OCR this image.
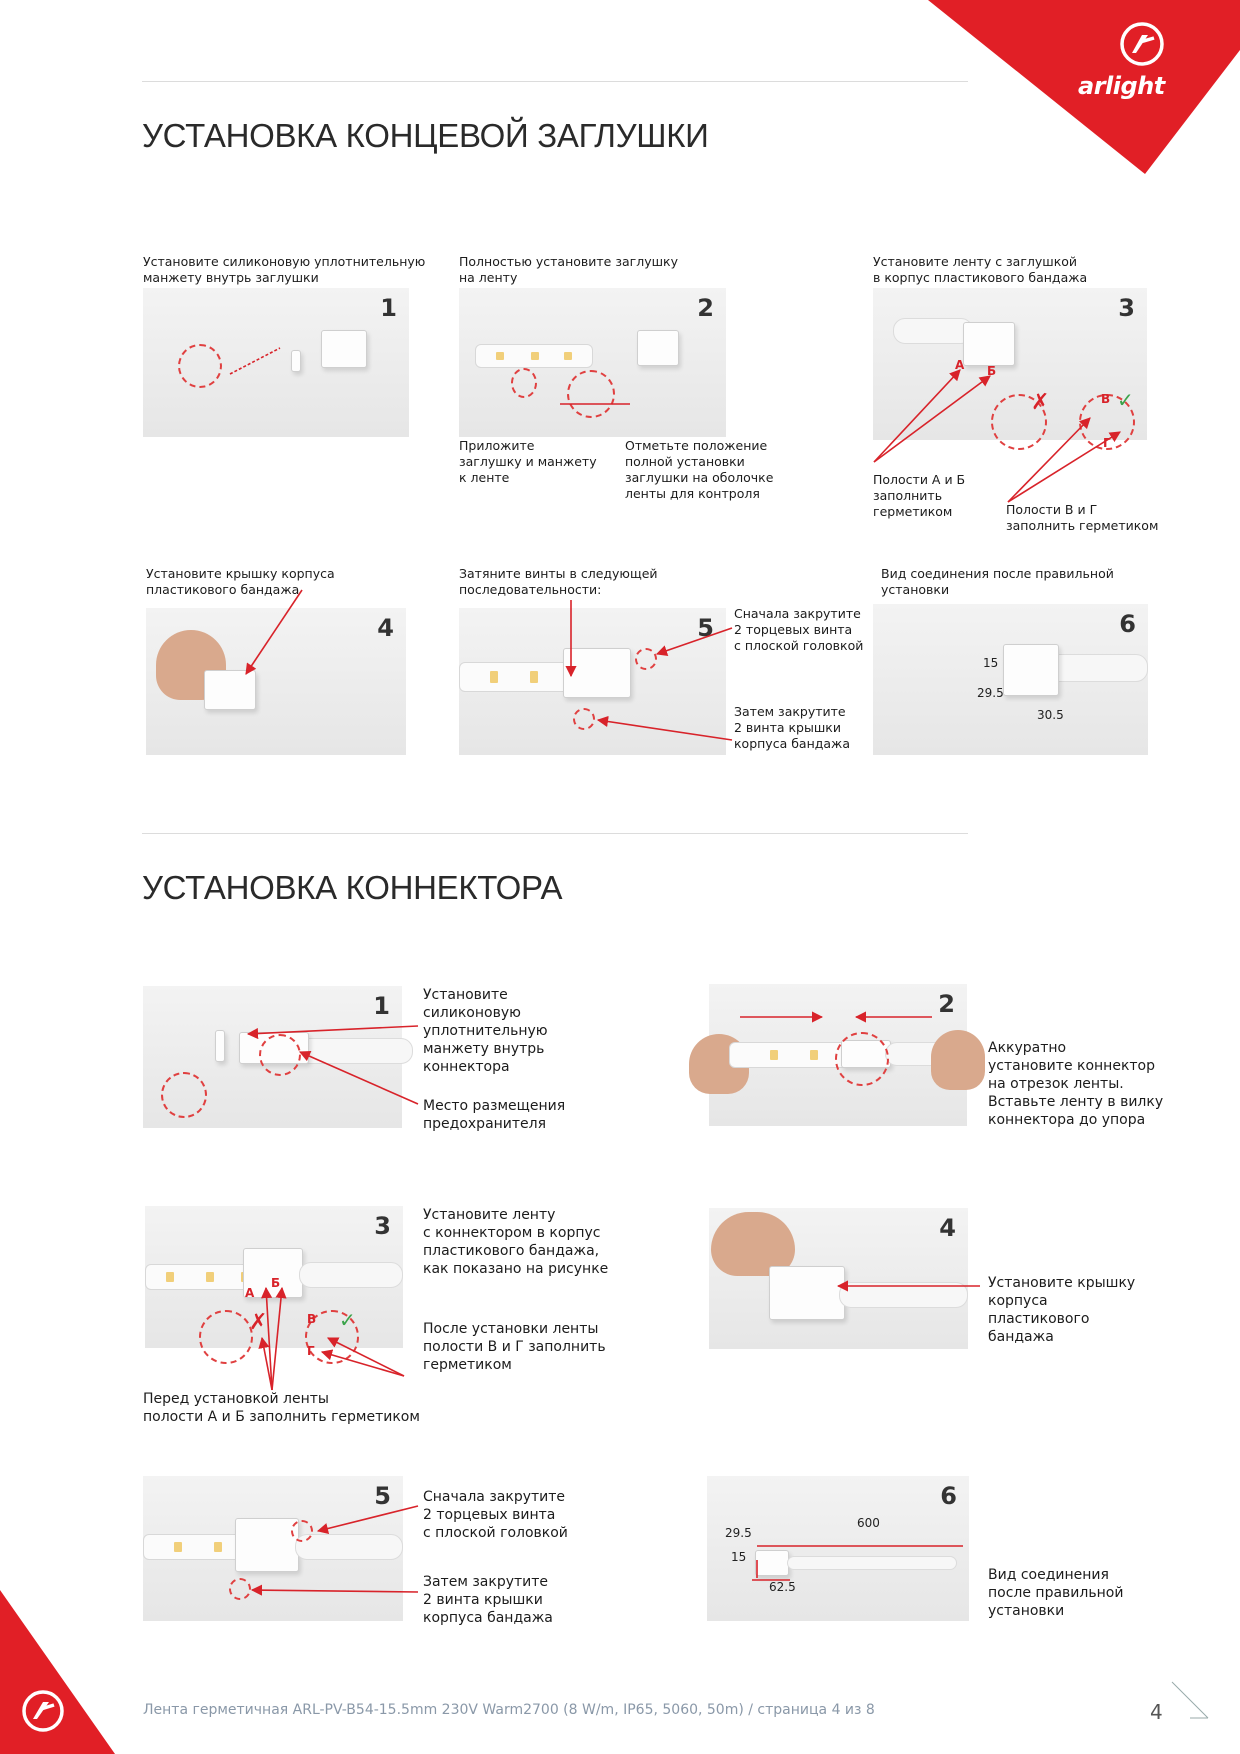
arlight
УСТАНОВКА КОНЦЕВОЙ ЗАГЛУШКИ
Установите силиконовую уплотнительную
манжету внутрь заглушки
1
Полностью установите заглушку
на ленту
2
Приложите
заглушку и манжету
к ленте
Отметьте положение
полной установки
заглушки на оболочке
ленты для контроля
Установите ленту с заглушкой
в корпус пластикового бандажа
3
А Б
В
Г
✗	✓
Полости А и Б
заполнить
герметиком	Полости В и Г
заполнить герметиком
Установите крышку корпуса
пластикового бандажа
4
Затяните винты в следующей
последовательности:
5
Сначала закрутите
2 торцевых винта
с плоской головкой
Затем закрутите
2 винта крышки
корпуса бандажа
Вид соединения после правильной
установки
6
15
29.5
30.5
УСТАНОВКА КОННЕКТОРА
1 Установите
силиконовую
уплотнительную
манжету внутрь
коннектора
Место размещения
предохранителя
2
Аккуратно
установите коннектор
на отрезок ленты.
Вставьте ленту в вилку
коннектора до упора
3
А
Б
В
Г
✗	✓
Установите ленту
с коннектором в корпус
пластикового бандажа,
как показано на рисунке
После установки ленты
полости В и Г заполнить
герметиком
Перед установкой ленты
полости А и Б заполнить герметиком
4
Установите крышку
корпуса
пластикового
бандажа
5 Сначала закрутите
2 торцевых винта
с плоской головкой
Затем закрутите
2 винта крышки
корпуса бандажа
6
29.5
600
15
62.5
Вид соединения
после правильной
установки
Лента герметичная ARL-PV-B54-15.5mm 230V Warm2700 (8 W/m, IP65, 5060, 50m) / страница 4 из 8	4
